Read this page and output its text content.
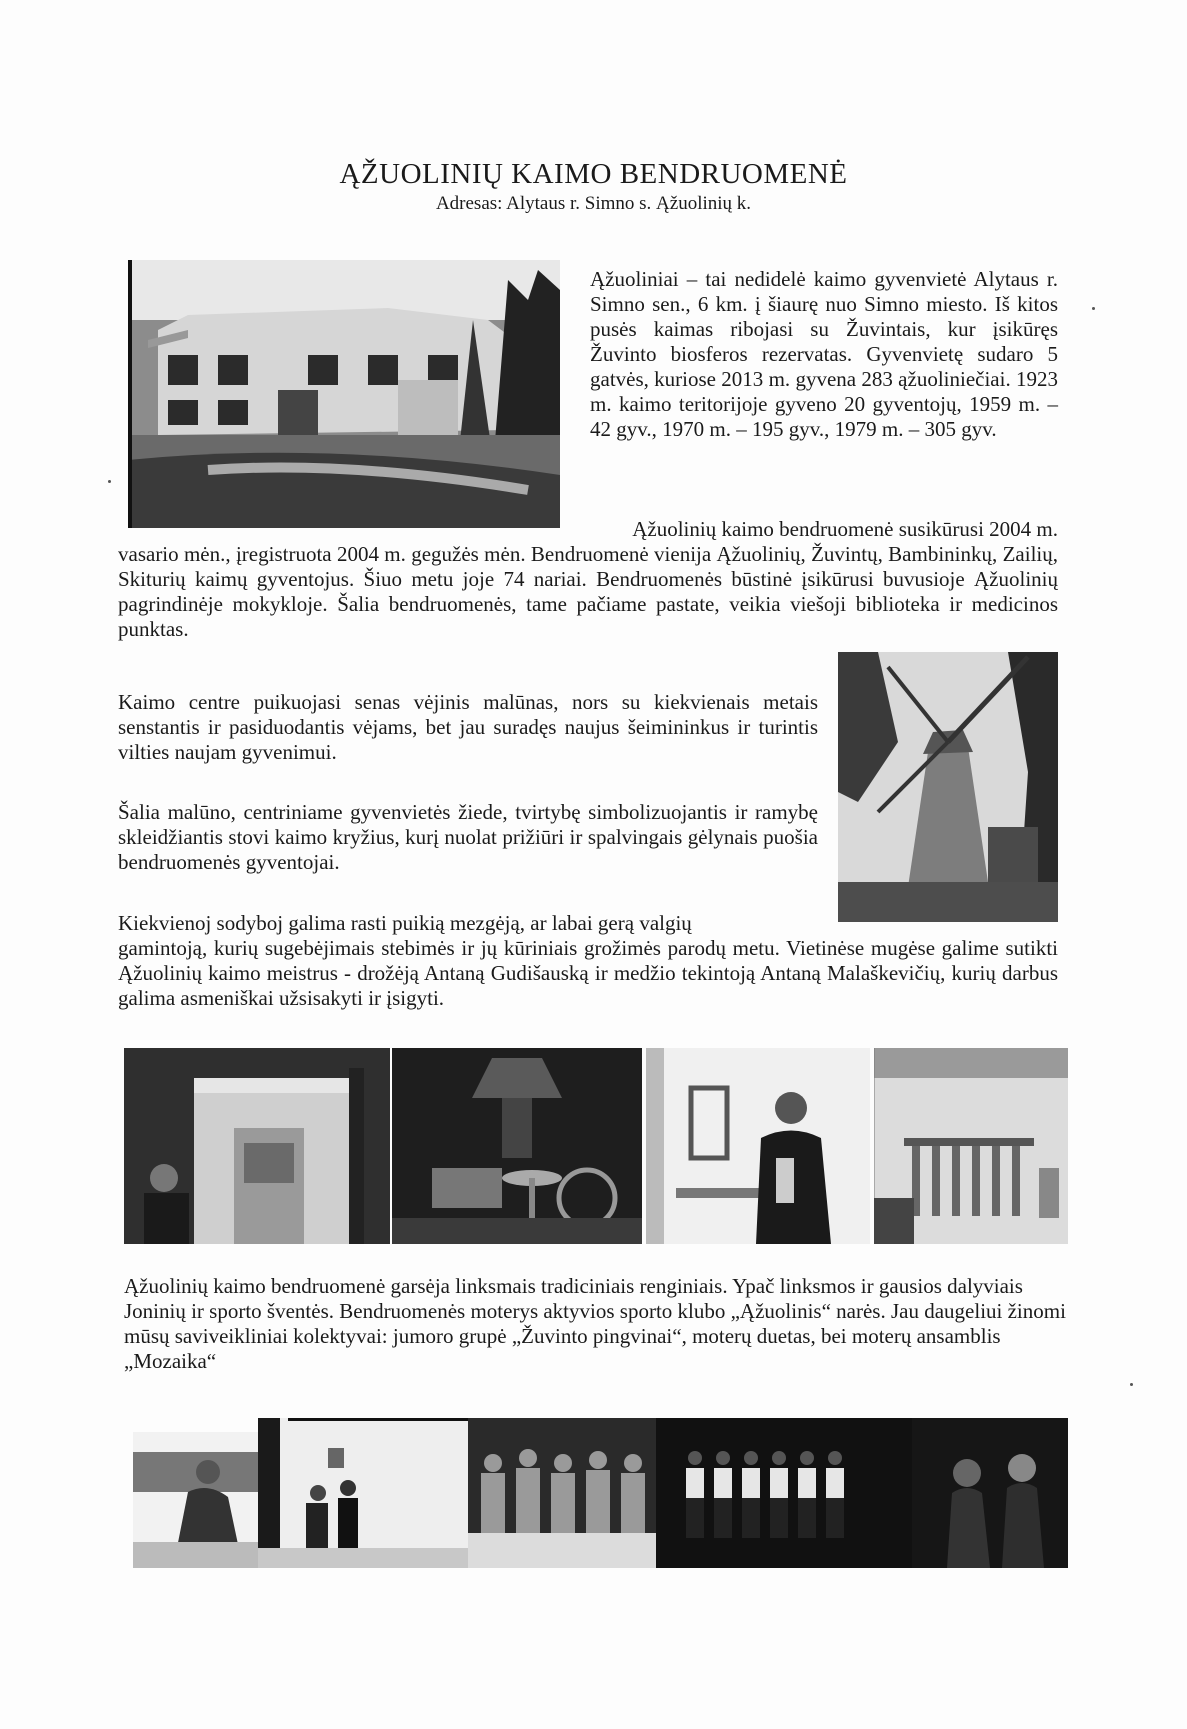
ĄŽUOLINIŲ KAIMO BENDRUOMENĖ
Adresas: Alytaus r. Simno s. Ąžuolinių k.

Ąžuoliniai – tai nedidelė kaimo gyvenvietė Alytaus r. Simno sen., 6 km. į šiaurę nuo Simno miesto. Iš kitos pusės kaimas ribojasi su Žuvintais, kur įsikūręs Žuvinto biosferos rezervatas. Gyvenvietę sudaro 5 gatvės, kuriose 2013 m. gyvena 283 ąžuoliniečiai. 1923 m. kaimo teritorijoje gyveno 20 gyventojų, 1959 m. – 42 gyv., 1970 m. – 195 gyv., 1979 m. – 305 gyv.

Ąžuolinių kaimo bendruomenė susikūrusi 2004 m.

vasario mėn., įregistruota 2004 m. gegužės mėn. Bendruomenė vienija Ąžuolinių, Žuvintų, Bambininkų, Zailių, Skiturių kaimų gyventojus. Šiuo metu joje 74 nariai. Bendruomenės būstinė įsikūrusi buvusioje Ąžuolinių pagrindinėje mokykloje. Šalia bendruomenės, tame pačiame pastate, veikia viešoji biblioteka ir medicinos punktas.

Kaimo centre puikuojasi senas vėjinis malūnas, nors su kiekvienais metais senstantis ir pasiduodantis vėjams, bet jau suradęs naujus šeimininkus ir turintis vilties naujam gyvenimui.

Šalia malūno, centriniame gyvenvietės žiede, tvirtybę simbolizuojantis ir ramybę skleidžiantis stovi kaimo kryžius, kurį nuolat prižiūri ir spalvingais gėlynais puošia bendruomenės gyventojai.

Kiekvienoj sodyboj galima rasti puikią mezgėją, ar labai gerą valgių

gamintoją, kurių sugebėjimais stebimės ir jų kūriniais grožimės parodų metu. Vietinėse mugėse galime sutikti Ąžuolinių kaimo meistrus - drožėją Antaną Gudišauską ir medžio tekintoją Antaną Malaškevičių, kurių darbus galima asmeniškai užsisakyti ir įsigyti.

Ąžuolinių kaimo bendruomenė garsėja linksmais tradiciniais renginiais. Ypač linksmos ir gausios dalyviais Joninių ir sporto šventės. Bendruomenės moterys aktyvios sporto klubo „Ąžuolinis“ narės. Jau daugeliui žinomi mūsų saviveikliniai kolektyvai: jumoro grupė „Žuvinto pingvinai“, moterų duetas, bei moterų ansamblis „Mozaika“
